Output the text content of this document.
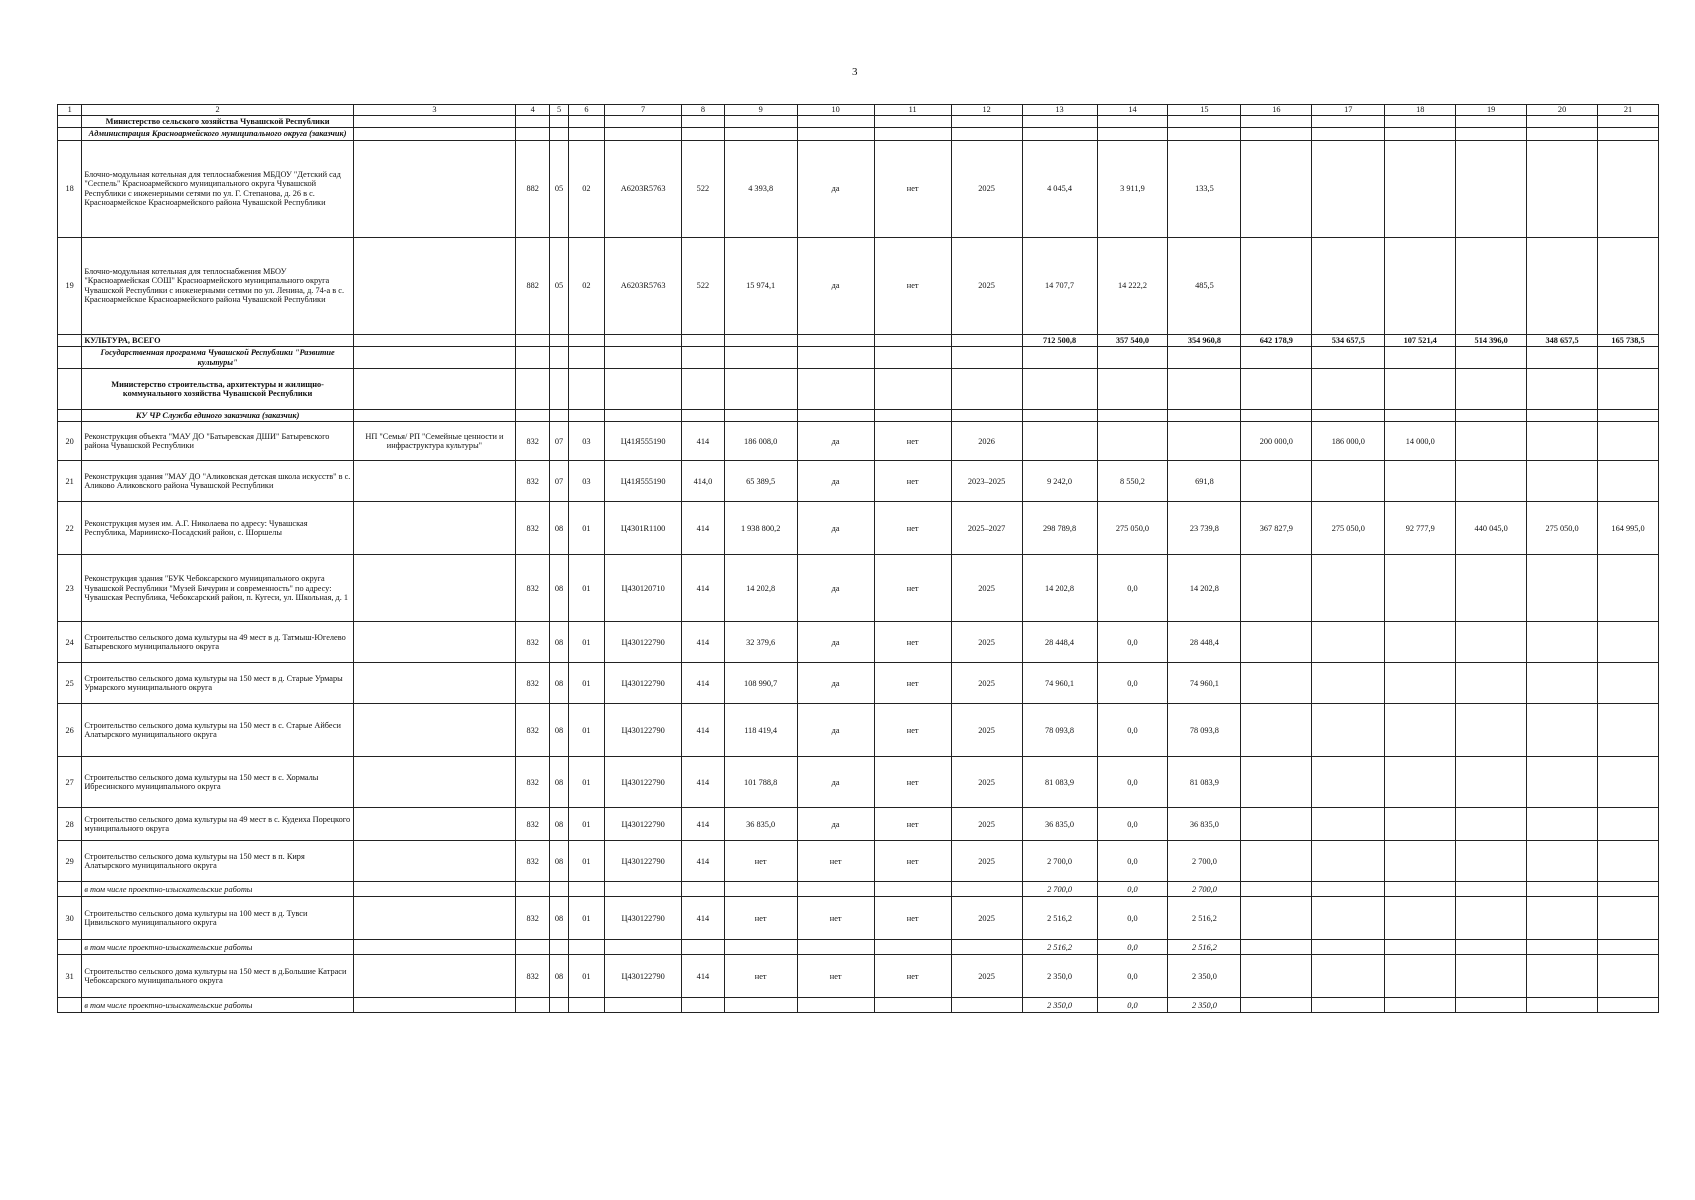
3
1	2	3	4	5	6	7	8	9	10	11	12	13	14	15	16	17	18	19	20	21
	Министерство сельского хозяйства Чувашской Республики																			
	Администрация Красноармейского муниципального округа (заказчик)																			
18	Блочно-модульная котельная для теплоснабжения МБДОУ "Детский сад "Сеспель" Красноармейского муниципального округа Чувашской Республики с инженерными сетями по ул. Г. Степанова, д. 26 в с. Красноармейское Красноармейского района Чувашской Республики		882	05	02	А6203R5763	522	4 393,8	да	нет	2025	4 045,4	3 911,9	133,5						
19	Блочно-модульная котельная для теплоснабжения МБОУ "Красноармейская СОШ" Красноармейского муниципального округа Чувашской Республики с инженерными сетями по ул. Ленина, д. 74-а в с. Красноармейское Красноармейского района Чувашской Республики		882	05	02	А6203R5763	522	15 974,1	да	нет	2025	14 707,7	14 222,2	485,5						
	КУЛЬТУРА, ВСЕГО											712 500,8	357 540,0	354 960,8	642 178,9	534 657,5	107 521,4	514 396,0	348 657,5	165 738,5
	Государственная программа Чувашской Республики "Развитие культуры"																			
	Министерство строительства, архитектуры и жилищно-коммунального хозяйства Чувашской Республики																			
	КУ ЧР Служба единого заказчика (заказчик)																			
20	Реконструкция объекта "МАУ ДО "Батыревская ДШИ" Батыревского района Чувашской Республики	НП "Семья/ РП "Семейные ценности и инфраструктура культуры"	832	07	03	Ц41Я555190	414	186 008,0	да	нет	2026				200 000,0	186 000,0	14 000,0			
21	Реконструкция здания "МАУ ДО "Аликовская детская школа искусств" в с. Аликово Аликовского района Чувашской Республики		832	07	03	Ц41Я555190	414,0	65 389,5	да	нет	2023–2025	9 242,0	8 550,2	691,8						
22	Реконструкция музея им. А.Г. Николаева по адресу: Чувашская Республика, Мариинско-Посадский район, с. Шоршелы		832	08	01	Ц4301R1100	414	1 938 800,2	да	нет	2025–2027	298 789,8	275 050,0	23 739,8	367 827,9	275 050,0	92 777,9	440 045,0	275 050,0	164 995,0
23	Реконструкция здания "БУК Чебоксарского муниципального округа Чувашской Республики "Музей Бичурин и современность" по адресу: Чувашская Республика, Чебоксарский район, п. Кугеси, ул. Школьная, д. 1		832	08	01	Ц430120710	414	14 202,8	да	нет	2025	14 202,8	0,0	14 202,8						
24	Строительство сельского дома культуры на 49 мест в д. Татмыш-Югелево Батыревского муниципального округа		832	08	01	Ц430122790	414	32 379,6	да	нет	2025	28 448,4	0,0	28 448,4						
25	Строительство сельского дома культуры на 150 мест в д. Старые Урмары Урмарского муниципального округа		832	08	01	Ц430122790	414	108 990,7	да	нет	2025	74 960,1	0,0	74 960,1						
26	Строительство сельского дома культуры на 150 мест в с. Старые Айбеси Алатырского муниципального округа		832	08	01	Ц430122790	414	118 419,4	да	нет	2025	78 093,8	0,0	78 093,8						
27	Строительство сельского дома культуры на 150 мест в с. Хормалы Ибресинского муниципального округа		832	08	01	Ц430122790	414	101 788,8	да	нет	2025	81 083,9	0,0	81 083,9						
28	Строительство сельского дома культуры на 49 мест в с. Кудеиха Порецкого муниципального округа		832	08	01	Ц430122790	414	36 835,0	да	нет	2025	36 835,0	0,0	36 835,0						
29	Строительство сельского дома культуры на 150 мест в п. Киря Алатырского муниципального округа		832	08	01	Ц430122790	414	нет	нет	нет	2025	2 700,0	0,0	2 700,0						
	в том числе проектно-изыскательские работы											2 700,0	0,0	2 700,0						
30	Строительство сельского дома культуры на 100 мест в д. Тувси Цивильского муниципального округа		832	08	01	Ц430122790	414	нет	нет	нет	2025	2 516,2	0,0	2 516,2						
	в том числе проектно-изыскательские работы											2 516,2	0,0	2 516,2						
31	Строительство сельского дома культуры на 150 мест в д.Большие Катраси Чебоксарского муниципального округа		832	08	01	Ц430122790	414	нет	нет	нет	2025	2 350,0	0,0	2 350,0						
	в том числе проектно-изыскательские работы											2 350,0	0,0	2 350,0						
